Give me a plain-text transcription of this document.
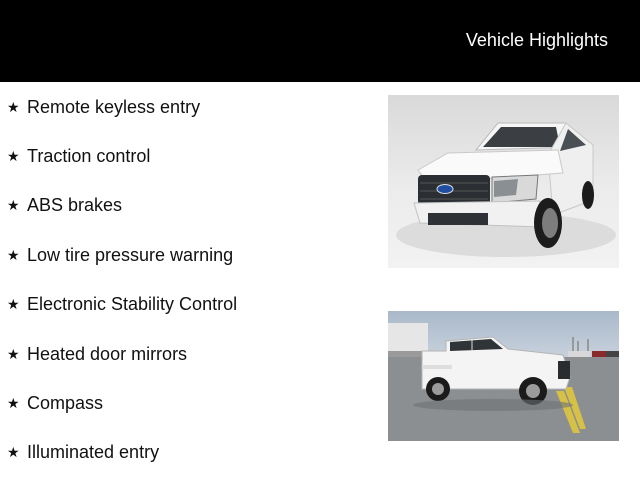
Vehicle Highlights
★ Remote keyless entry
★ Traction control
★ ABS brakes
★ Low tire pressure warning
★ Electronic Stability Control
★ Heated door mirrors
★ Compass
★ Illuminated entry
